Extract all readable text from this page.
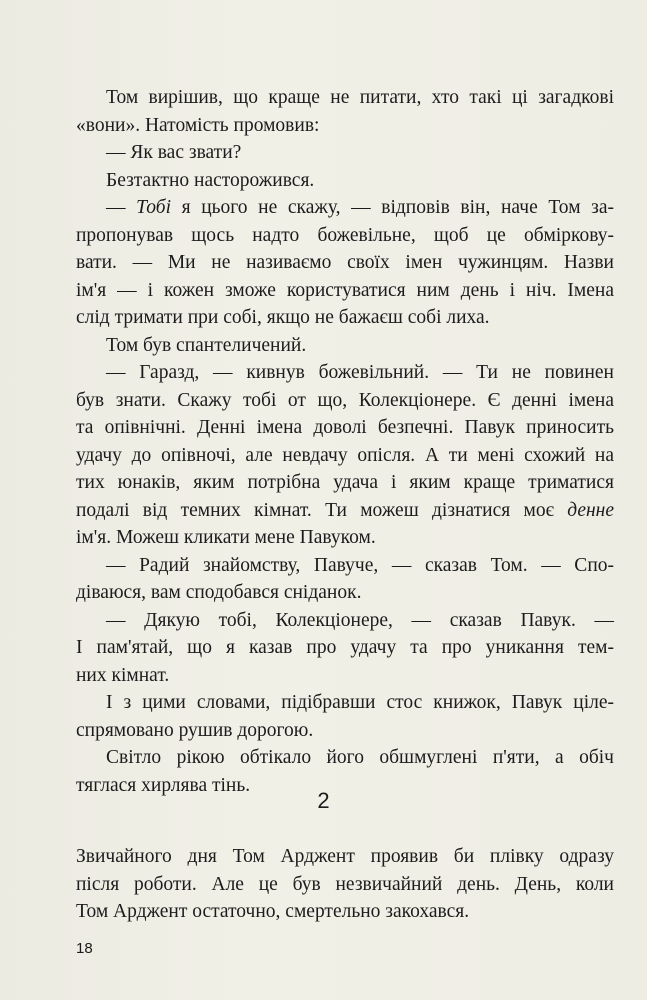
Том вирішив, що краще не питати, хто такі ці загадкові
«вони». Натомість промовив:
— Як вас звати?
Безтактно насторожився.
— Тобі я цього не скажу, — відповів він, наче Том за-
пропонував щось надто божевільне, щоб це обміркову-
вати. — Ми не називаємо своїх імен чужинцям. Назви
ім'я — і кожен зможе користуватися ним день і ніч. Імена
слід тримати при собі, якщо не бажаєш собі лиха.
Том був спантеличений.
— Гаразд, — кивнув божевільний. — Ти не повинен
був знати. Скажу тобі от що, Колекціонере. Є денні імена
та опівнічні. Денні імена доволі безпечні. Павук приносить
удачу до опівночі, але невдачу опісля. А ти мені схожий на
тих юнаків, яким потрібна удача і яким краще триматися
подалі від темних кімнат. Ти можеш дізнатися моє денне
ім'я. Можеш кликати мене Павуком.
— Радий знайомству, Павуче, — сказав Том. — Спо-
діваюся, вам сподобався сніданок.
— Дякую тобі, Колекціонере, — сказав Павук. —
І пам'ятай, що я казав про удачу та про уникання тем-
них кімнат.
І з цими словами, підібравши стос книжок, Павук ціле-
спрямовано рушив дорогою.
Світло рікою обтікало його обшмуглені п'яти, а обіч
тяглася хирлява тінь.
2
Звичайного дня Том Арджент проявив би плівку одразу
після роботи. Але це був незвичайний день. День, коли
Том Арджент остаточно, смертельно закохався.
18
